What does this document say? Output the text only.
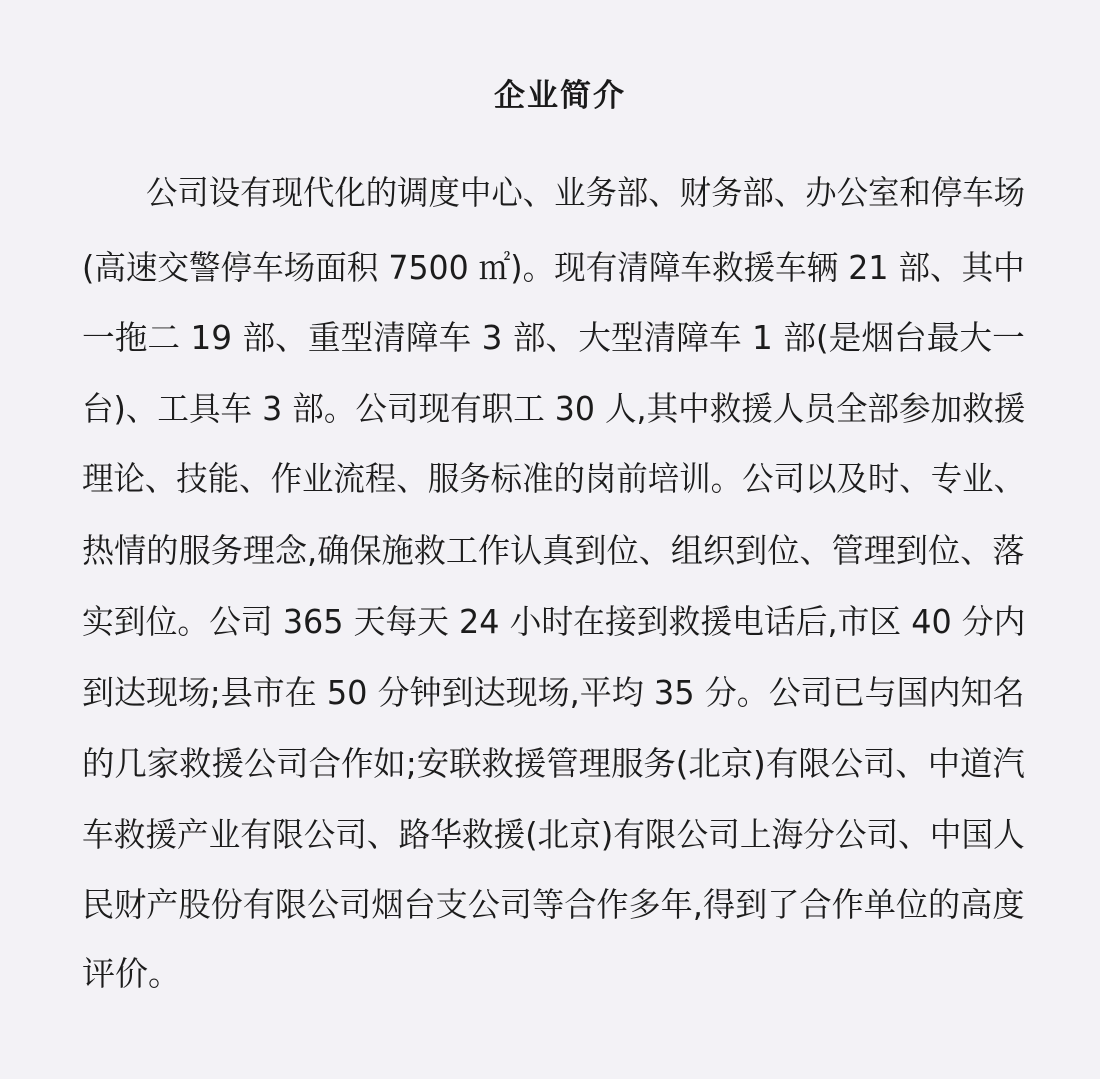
企业简介
公司设有现代化的调度中心、业务部、财务部、办公室和停车场
(高速交警停车场面积 7500 ㎡)。现有清障车救援车辆 21 部、其中
一拖二 19 部、重型清障车 3 部、大型清障车 1 部(是烟台最大一
台)、工具车 3 部。公司现有职工 30 人,其中救援人员全部参加救援
理论、技能、作业流程、服务标准的岗前培训。公司以及时、专业、
热情的服务理念,确保施救工作认真到位、组织到位、管理到位、落
实到位。公司 365 天每天 24 小时在接到救援电话后,市区 40 分内
到达现场;县市在 50 分钟到达现场,平均 35 分。公司已与国内知名
的几家救援公司合作如;安联救援管理服务(北京)有限公司、中道汽
车救援产业有限公司、路华救援(北京)有限公司上海分公司、中国人
民财产股份有限公司烟台支公司等合作多年,得到了合作单位的高度
评价。
